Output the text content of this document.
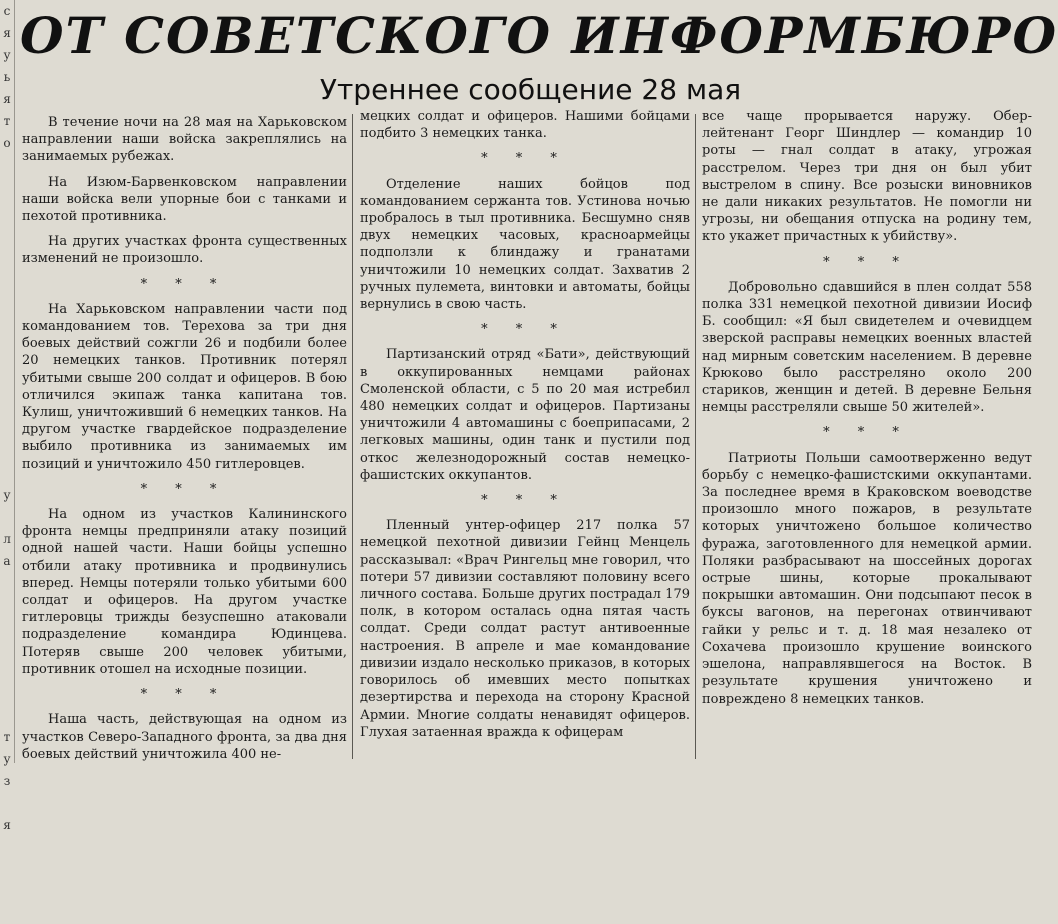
с
я
у
ь
я
т
о

у

л
а

т
у
з

я

ОТ СОВЕТСКОГО ИНФОРМБЮРО
Утреннее сообщение 28 мая

В течение ночи на 28 мая на Харьковском направлении наши войска закреплялись на занимаемых рубежах.

На Изюм-Барвенковском направлении наши войска вели упорные бои с танками и пехотой противника.

На других участках фронта существенных изменений не произошло.

* * *

На Харьковском направлении части под командованием тов. Терехова за три дня боевых действий сожгли 26 и подбили более 20 немецких танков. Противник потерял убитыми свыше 200 солдат и офицеров. В бою отличился экипаж танка капитана тов. Кулиш, уничтоживший 6 немецких танков. На другом участке гвардейское подразделение выбило противника из занимаемых им позиций и уничтожило 450 гитлеровцев.

* * *

На одном из участков Калининского фронта немцы предприняли атаку позиций одной нашей части. Наши бойцы успешно отбили атаку противника и продвинулись вперед. Немцы потеряли только убитыми 600 солдат и офицеров. На другом участке гитлеровцы трижды безуспешно атаковали подразделение командира Юдинцева. Потеряв свыше 200 человек убитыми, противник отошел на исходные позиции.

* * *

Наша часть, действующая на одном из участков Северо-Западного фронта, за два дня боевых действий уничтожила 400 не-

мецких солдат и офицеров. Нашими бойцами подбито 3 немецких танка.

* * *

Отделение наших бойцов под командованием сержанта тов. Устинова ночью пробралось в тыл противника. Бесшумно сняв двух немецких часовых, красноармейцы подползли к блиндажу и гранатами уничтожили 10 немецких солдат. Захватив 2 ручных пулемета, винтовки и автоматы, бойцы вернулись в свою часть.

* * *

Партизанский отряд «Бати», действующий в оккупированных немцами районах Смоленской области, с 5 по 20 мая истребил 480 немецких солдат и офицеров. Партизаны уничтожили 4 автомашины с боеприпасами, 2 легковых машины, один танк и пустили под откос железнодорожный состав немецко-фашистских оккупантов.

* * *

Пленный унтер-офицер 217 полка 57 немецкой пехотной дивизии Гейнц Менцель рассказывал: «Врач Рингельц мне говорил, что потери 57 дивизии составляют половину всего личного состава. Больше других пострадал 179 полк, в котором осталась одна пятая часть солдат. Среди солдат растут антивоенные настроения. В апреле и мае командование дивизии издало несколько приказов, в которых говорилось об имевших место попытках дезертирства и перехода на сторону Красной Армии. Многие солдаты ненавидят офицеров. Глухая затаенная вражда к офицерам

все чаще прорывается наружу. Обер-лейтенант Георг Шиндлер — командир 10 роты — гнал солдат в атаку, угрожая расстрелом. Через три дня он был убит выстрелом в спину. Все розыски виновников не дали никаких результатов. Не помогли ни угрозы, ни обещания отпуска на родину тем, кто укажет причастных к убийству».

* * *

Добровольно сдавшийся в плен солдат 558 полка 331 немецкой пехотной дивизии Иосиф Б. сообщил: «Я был свидетелем и очевидцем зверской расправы немецких военных властей над мирным советским населением. В деревне Крюково было расстреляно около 200 стариков, женщин и детей. В деревне Бельня немцы расстреляли свыше 50 жителей».

* * *

Патриоты Польши самоотверженно ведут борьбу с немецко-фашистскими оккупантами. За последнее время в Краковском воеводстве произошло много пожаров, в результате которых уничтожено большое количество фуража, заготовленного для немецкой армии. Поляки разбрасывают на шоссейных дорогах острые шины, которые прокалывают покрышки автомашин. Они подсыпают песок в буксы вагонов, на перегонах отвинчивают гайки у рельс и т. д. 18 мая незалеко от Сохачева произошло крушение воинского эшелона, направлявшегося на Восток. В результате крушения уничтожено и повреждено 8 немецких танков.
